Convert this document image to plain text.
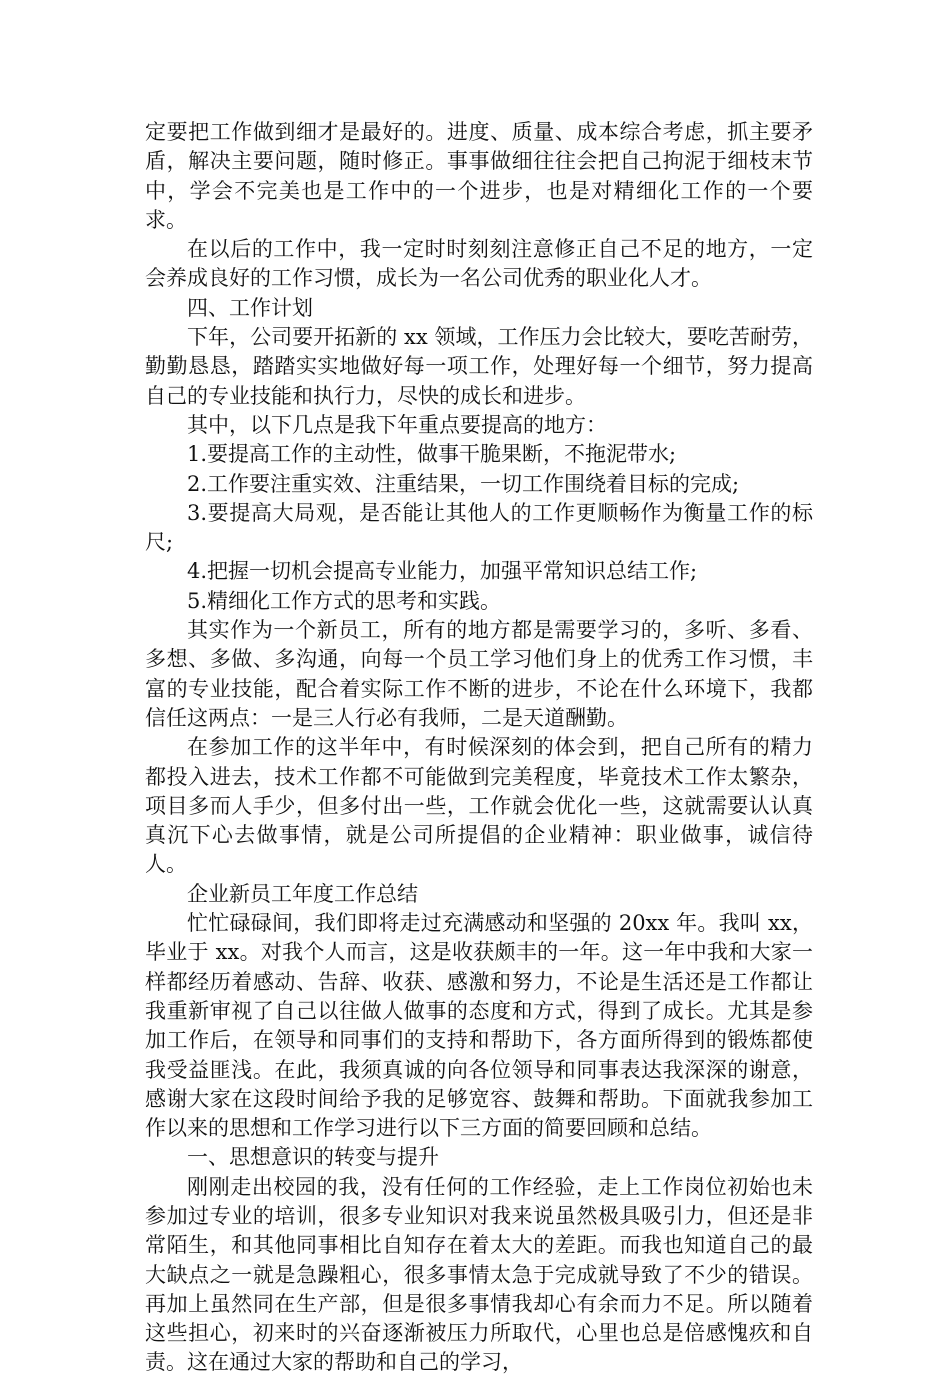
定要把工作做到细才是最好的。进度、质量、成本综合考虑，抓主要矛盾，解决主要问题，随时修正。事事做细往往会把自己拘泥于细枝末节中，学会不完美也是工作中的一个进步，也是对精细化工作的一个要求。

在以后的工作中，我一定时时刻刻注意修正自己不足的地方，一定会养成良好的工作习惯，成长为一名公司优秀的职业化人才。

四、工作计划

下年，公司要开拓新的 xx 领域，工作压力会比较大，要吃苦耐劳，勤勤恳恳，踏踏实实地做好每一项工作，处理好每一个细节，努力提高自己的专业技能和执行力，尽快的成长和进步。

其中，以下几点是我下年重点要提高的地方：

1.要提高工作的主动性，做事干脆果断，不拖泥带水;

2.工作要注重实效、注重结果，一切工作围绕着目标的完成;

3.要提高大局观，是否能让其他人的工作更顺畅作为衡量工作的标尺;

4.把握一切机会提高专业能力，加强平常知识总结工作;

5.精细化工作方式的思考和实践。

其实作为一个新员工，所有的地方都是需要学习的，多听、多看、多想、多做、多沟通，向每一个员工学习他们身上的优秀工作习惯，丰富的专业技能，配合着实际工作不断的进步，不论在什么环境下，我都信任这两点：一是三人行必有我师，二是天道酬勤。

在参加工作的这半年中，有时候深刻的体会到，把自己所有的精力都投入进去，技术工作都不可能做到完美程度，毕竟技术工作太繁杂，项目多而人手少，但多付出一些，工作就会优化一些，这就需要认认真真沉下心去做事情，就是公司所提倡的企业精神：职业做事，诚信待人。

企业新员工年度工作总结

忙忙碌碌间，我们即将走过充满感动和坚强的 20xx 年。我叫 xx，毕业于 xx。对我个人而言，这是收获颇丰的一年。这一年中我和大家一样都经历着感动、告辞、收获、感激和努力，不论是生活还是工作都让我重新审视了自己以往做人做事的态度和方式，得到了成长。尤其是参加工作后，在领导和同事们的支持和帮助下，各方面所得到的锻炼都使我受益匪浅。在此，我须真诚的向各位领导和同事表达我深深的谢意，感谢大家在这段时间给予我的足够宽容、鼓舞和帮助。下面就我参加工作以来的思想和工作学习进行以下三方面的简要回顾和总结。

一、思想意识的转变与提升

刚刚走出校园的我，没有任何的工作经验，走上工作岗位初始也未参加过专业的培训，很多专业知识对我来说虽然极具吸引力，但还是非常陌生，和其他同事相比自知存在着太大的差距。而我也知道自己的最大缺点之一就是急躁粗心，很多事情太急于完成就导致了不少的错误。再加上虽然同在生产部，但是很多事情我却心有余而力不足。所以随着这些担心，初来时的兴奋逐渐被压力所取代，心里也总是倍感愧疚和自责。这在通过大家的帮助和自己的学习，
